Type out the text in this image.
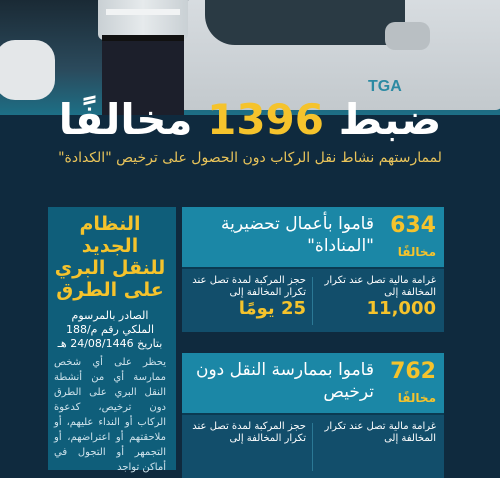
TGA
ضبط 1396 مخالفًا
لممارستهم نشاط نقل الركاب دون الحصول على ترخيص "الكدادة"
النظام الجديد للنقل البري على الطرق
الصادر بالمرسوم الملكي رقم م/188 بتاريخ 24/08/1446 هـ
يحظر على أي شخص ممارسة أي من أنشطة النقل البري على الطرق دون ترخيص، كدعوة الركاب أو النداء عليهم، أو ملاحقتهم أو اعتراضهم، أو التجمهر أو التجول في أماكن تواجد
634
مخالفًا
قاموا بأعمال تحضيرية "المناداة"
غرامة مالية تصل عند تكرار المخالفة إلى
11,000
حجز المركبة لمدة تصل عند تكرار المخالفة إلى
25 يومًا
762
مخالفًا
قاموا بممارسة النقل دون ترخيص
غرامة مالية تصل عند تكرار المخالفة إلى
حجز المركبة لمدة تصل عند تكرار المخالفة إلى
